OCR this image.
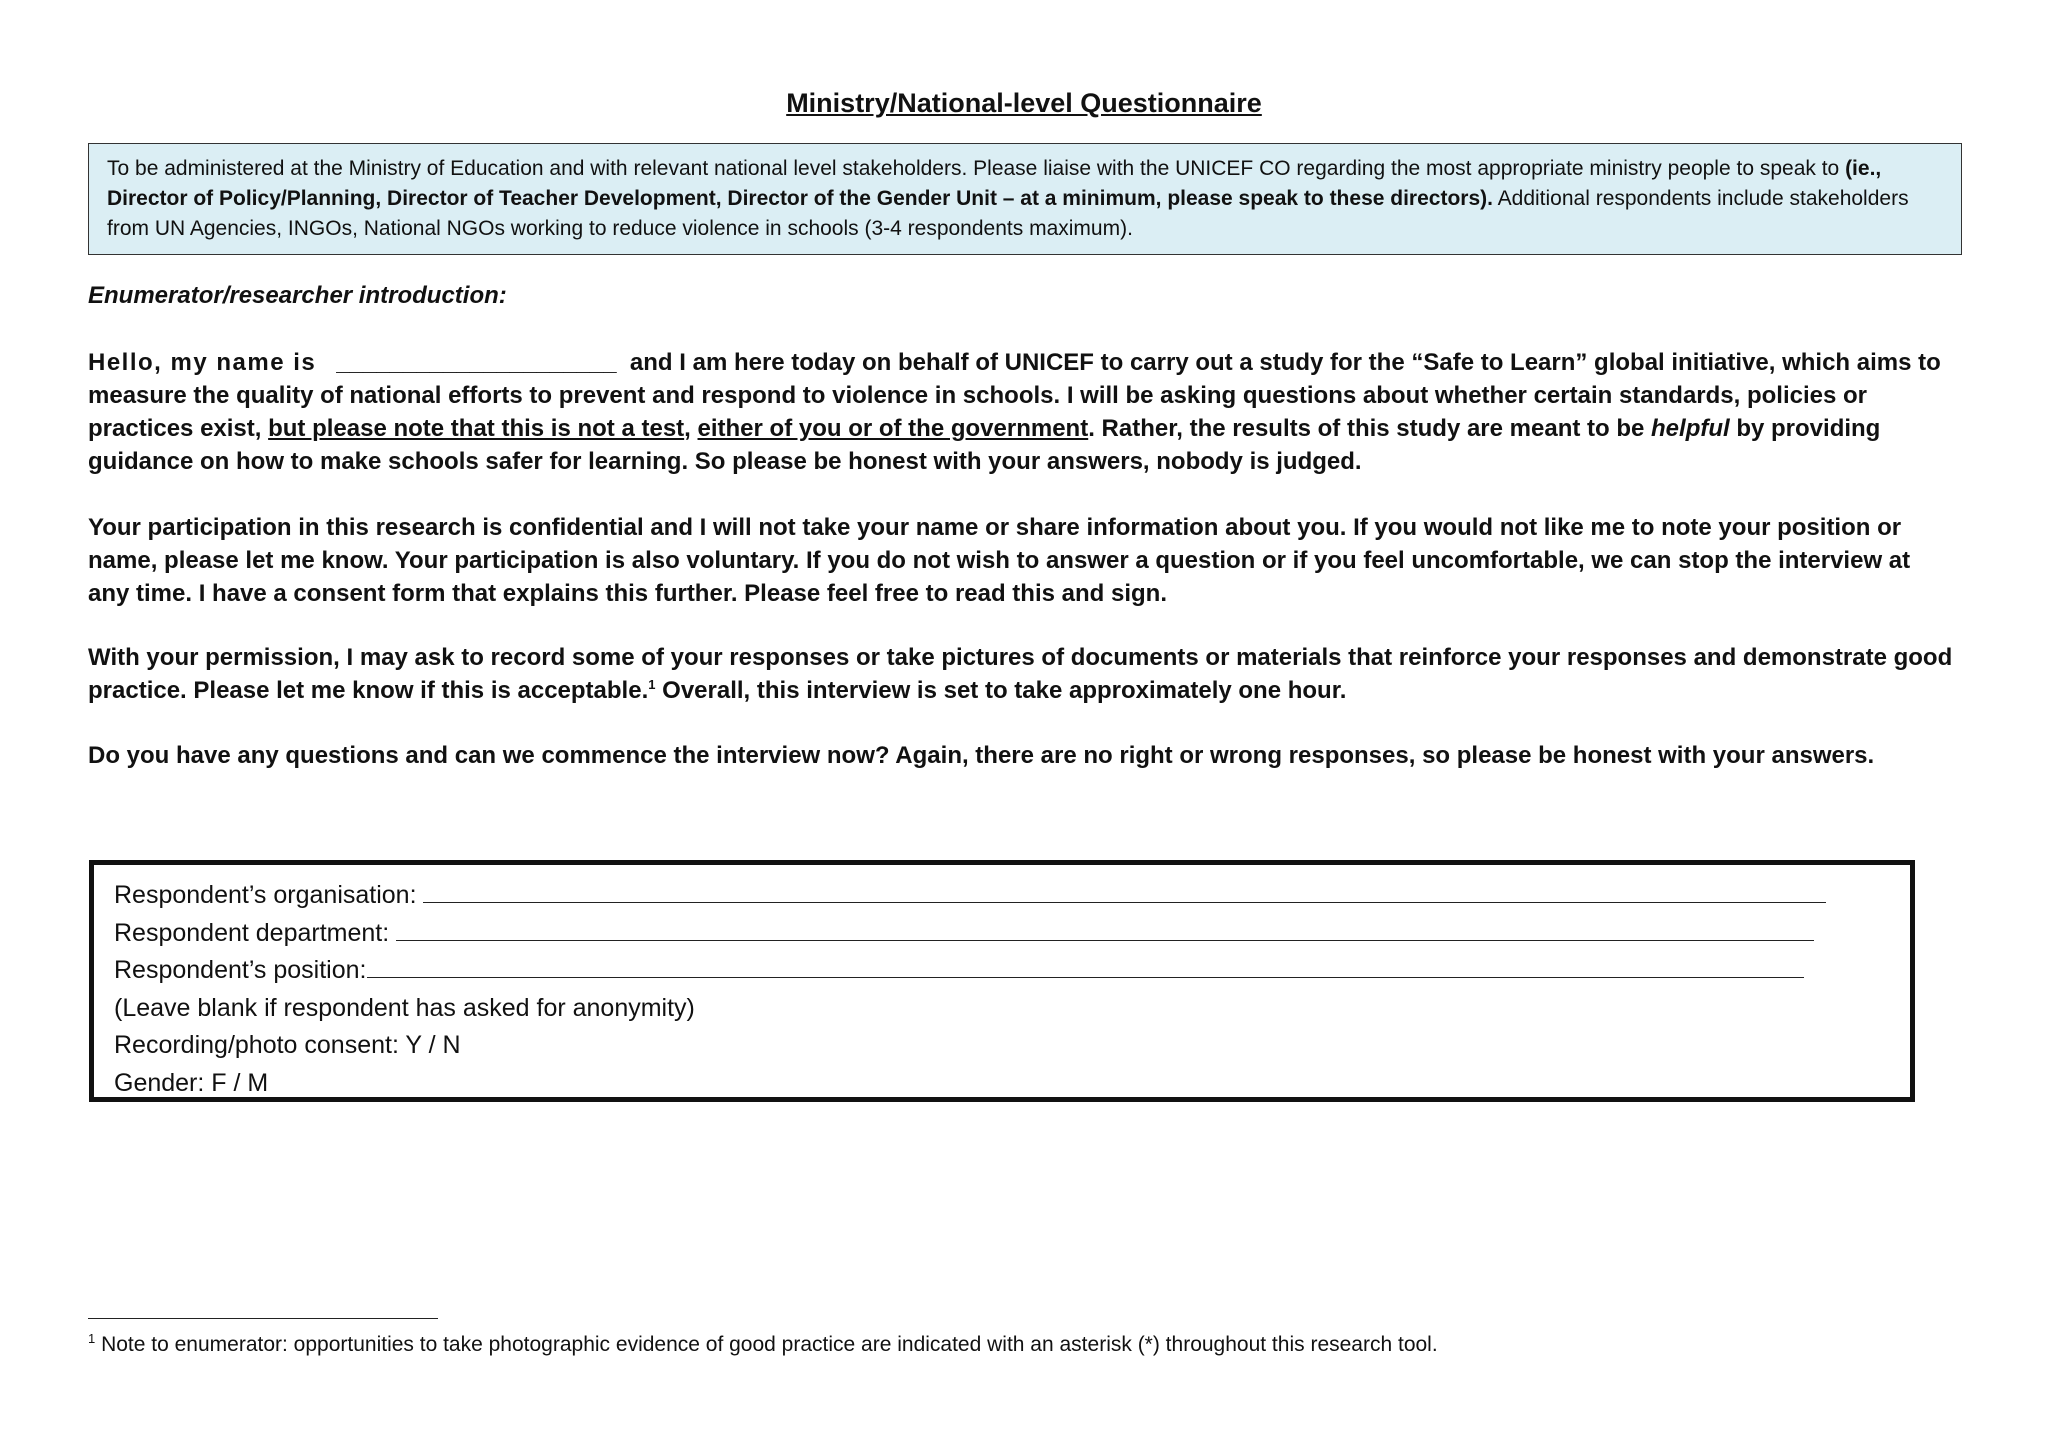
Ministry/National-level Questionnaire
To be administered at the Ministry of Education and with relevant national level stakeholders. Please liaise with the UNICEF CO regarding the most appropriate ministry people to speak to (ie., Director of Policy/Planning, Director of Teacher Development, Director of the Gender Unit – at a minimum, please speak to these directors). Additional respondents include stakeholders from UN Agencies, INGOs, National NGOs working to reduce violence in schools (3-4 respondents maximum).
Enumerator/researcher introduction:
Hello, my name is _____________________  and I am here today on behalf of UNICEF to carry out a study for the “Safe to Learn” global initiative, which aims to measure the quality of national efforts to prevent and respond to violence in schools. I will be asking questions about whether certain standards, policies or practices exist, but please note that this is not a test, either of you or of the government. Rather, the results of this study are meant to be helpful by providing guidance on how to make schools safer for learning. So please be honest with your answers, nobody is judged.
Your participation in this research is confidential and I will not take your name or share information about you. If you would not like me to note your position or name, please let me know. Your participation is also voluntary. If you do not wish to answer a question or if you feel uncomfortable, we can stop the interview at any time. I have a consent form that explains this further. Please feel free to read this and sign.
With your permission, I may ask to record some of your responses or take pictures of documents or materials that reinforce your responses and demonstrate good practice. Please let me know if this is acceptable.$^1$ Overall, this interview is set to take approximately one hour.
Do you have any questions and can we commence the interview now? Again, there are no right or wrong responses, so please be honest with your answers.
Respondent’s organisation:
Respondent department:
Respondent’s position:
(Leave blank if respondent has asked for anonymity)
Recording/photo consent: Y / N
Gender: F / M
$^1$ Note to enumerator: opportunities to take photographic evidence of good practice are indicated with an asterisk (*) throughout this research tool.
